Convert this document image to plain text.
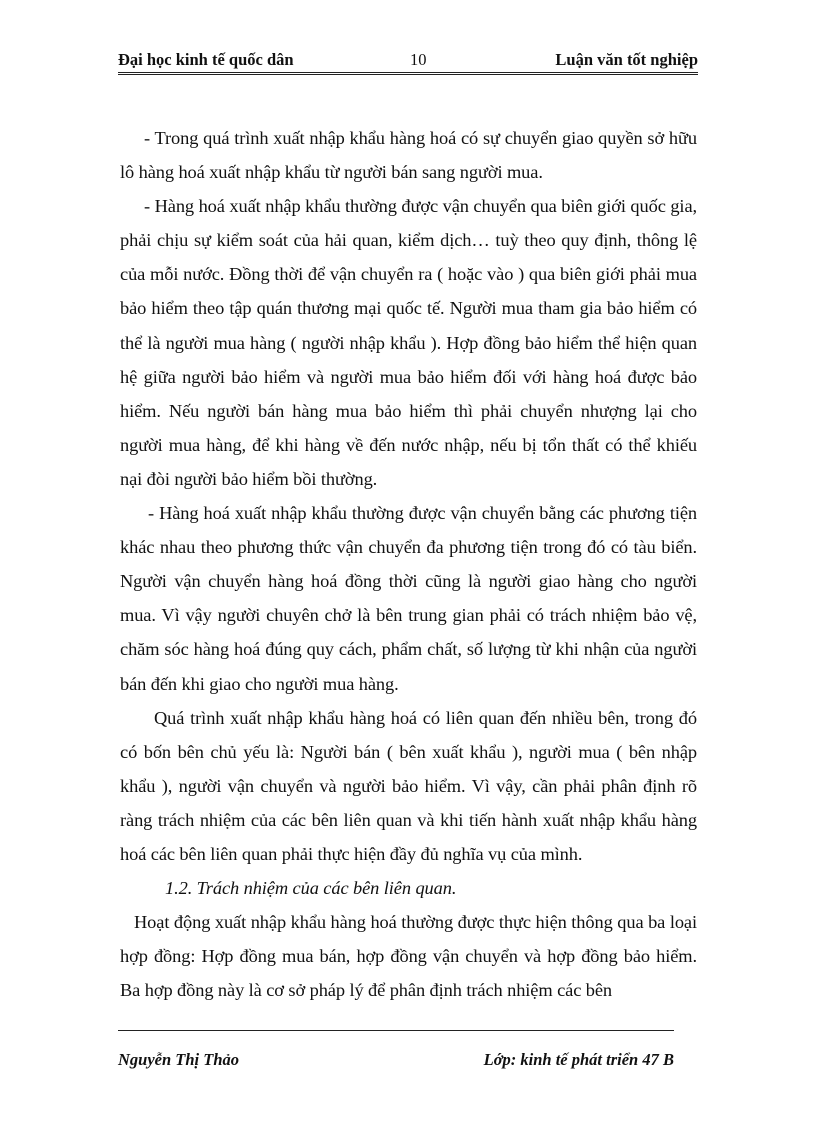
Đại học kinh tế quốc dân	10	Luận văn tốt nghiệp

- Trong quá trình xuất nhập khẩu hàng hoá có sự chuyển giao quyền sở hữu lô hàng hoá xuất nhập khẩu từ người bán sang người mua.

- Hàng hoá xuất nhập khẩu thường được vận chuyển qua biên giới quốc gia, phải chịu sự kiểm soát của hải quan, kiểm dịch… tuỳ theo quy định, thông lệ của mỗi nước. Đồng thời để vận chuyển ra ( hoặc vào ) qua biên giới phải mua bảo hiểm theo tập quán thương mại quốc tế. Người mua tham gia bảo hiểm có thể là người mua hàng ( người nhập khẩu ). Hợp đồng bảo hiểm thể hiện quan hệ giữa người bảo hiểm và người mua bảo hiểm đối với hàng hoá được bảo hiểm. Nếu người bán hàng mua bảo hiểm thì phải chuyển nhượng lại cho người mua hàng, để khi hàng về đến nước nhập, nếu bị tổn thất có thể khiếu nại đòi người bảo hiểm bồi thường.

- Hàng hoá xuất nhập khẩu thường được vận chuyển bằng các phương tiện khác nhau theo phương thức vận chuyển đa phương tiện trong đó có tàu biển. Người vận chuyển hàng hoá đồng thời cũng là người giao hàng cho người mua. Vì vậy người chuyên chở là bên trung gian phải có trách nhiệm bảo vệ, chăm sóc hàng hoá đúng quy cách, phẩm chất, số lượng từ khi nhận của người bán đến khi giao cho người mua hàng.

Quá trình xuất nhập khẩu hàng hoá có liên quan đến nhiều bên, trong đó có bốn bên chủ yếu là: Người bán ( bên xuất khẩu ), người mua ( bên nhập khẩu ), người vận chuyển và người bảo hiểm. Vì vậy, cần phải phân định rõ ràng trách nhiệm của các bên liên quan và khi tiến hành xuất nhập khẩu hàng hoá các bên liên quan phải thực hiện đầy đủ nghĩa vụ của mình.

1.2. Trách nhiệm của các bên liên quan.

Hoạt động xuất nhập khẩu hàng hoá thường được thực hiện thông qua ba loại hợp đồng: Hợp đồng mua bán, hợp đồng vận chuyển và hợp đồng bảo hiểm. Ba hợp đồng này là cơ sở pháp lý để phân định trách nhiệm các bên

Nguyễn Thị Thảo	Lớp: kinh tế phát triển 47 B
